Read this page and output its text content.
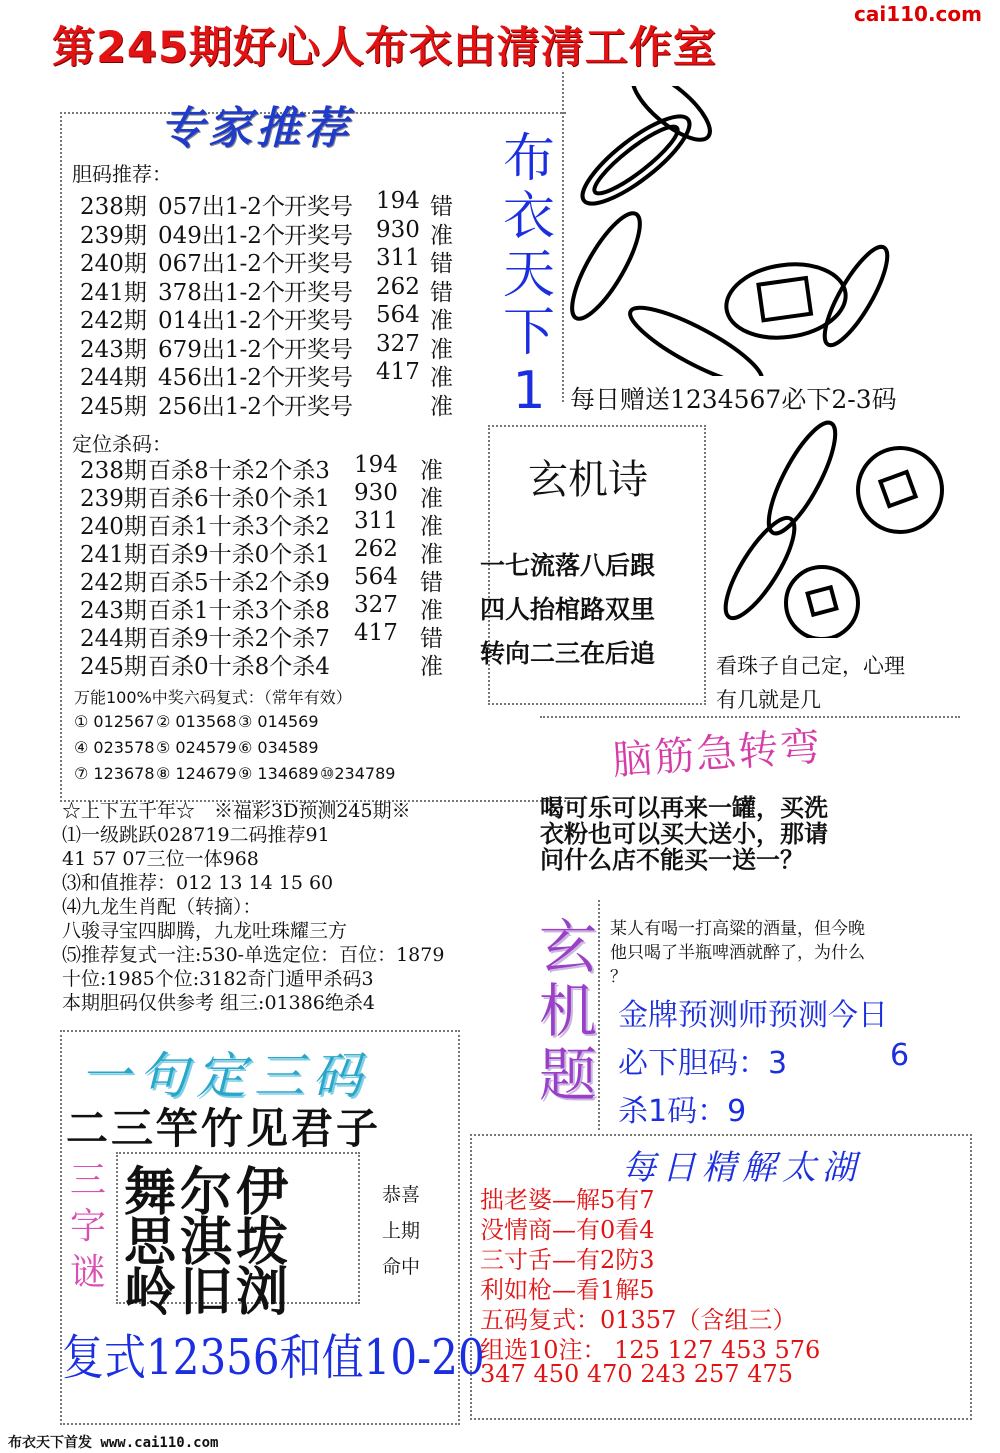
cai110.com
第245期好心人布衣由清清工作室
专家推荐
胆码推荐：
238期 057出1-2个 开奖号 194 错
239期 049出1-2个 开奖号 930 准
240期 067出1-2个 开奖号 311 错
241期 378出1-2个 开奖号 262 错
242期 014出1-2个 开奖号 564 准
243期 679出1-2个 开奖号 327 准
244期 456出1-2个 开奖号 417 准
245期 256出1-2个 开奖号	准
定位杀码：
238期 百杀8十杀2个杀3 194 准
239期 百杀6十杀0个杀1 930 准
240期 百杀1十杀3个杀2 311 准
241期 百杀9十杀0个杀1 262 准
242期 百杀5十杀2个杀9 564 错
243期 百杀1十杀3个杀8 327 准
244期 百杀9十杀2个杀7 417 错
245期 百杀0十杀8个杀4	准
万能100%中奖六码复式：（常年有效）
① 012567 ② 013568 ③ 014569
④ 023578 ⑤ 024579 ⑥ 034589
⑦ 123678 ⑧ 124679 ⑨ 134689 ⑩234789
☆上下五千年☆　※福彩3D预测245期※
⑴一级跳跃028719二码推荐91
41 57 07三位一体968
⑶和值推荐：012 13 14 15 60
⑷九龙生肖配（转摘）：
八骏寻宝四脚腾，九龙吐珠耀三方
⑸推荐复式一注:530-单选定位：百位：1879
十位:1985个位:3182奇门遁甲杀码3
本期胆码仅供参考 组三:01386绝杀4
布
衣
天
下
1 每日赠送1234567必下2-3码
玄机诗
一七流落八后跟
四人抬棺路双里
转向二三在后追	看珠子自己定，心理
有几就是几
脑筋急转弯
喝可乐可以再来一罐，买洗
衣粉也可以买大送小，那请
问什么店不能买一送一？
玄
机
题
某人有喝一打高粱的酒量，但今晚
他只喝了半瓶啤酒就醉了，为什么
？
金牌预测师预测今日
必下胆码：3	6
杀1码：9
每日精解太湖
拙老婆—解5有7
没情商—有0看4
三寸舌—有2防3
利如枪—看1解5
五码复式：01357（含组三）
组选10注： 125 127 453 576
347 450 470 243 257 475
一句定三码
二三竿竹见君子
三
字
谜
舞尔伊
思淇坺
岭旧浏
恭喜
上期
命中
复式12356和值10-20
布衣天下首发 www.cai110.com
